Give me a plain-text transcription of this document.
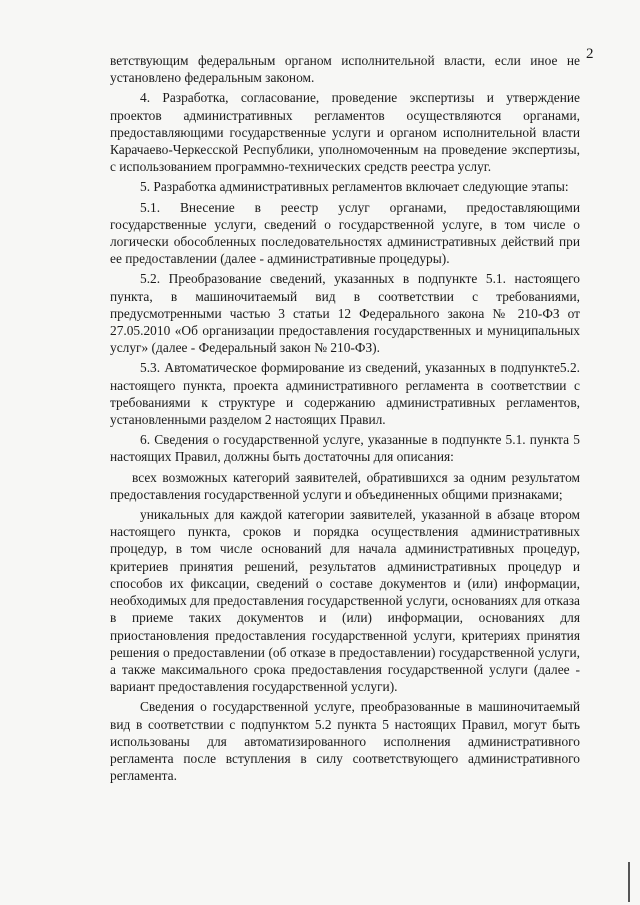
2

ветствующим федеральным органом исполнительной власти, если иное не установлено федеральным законом.

4. Разработка, согласование, проведение экспертизы и утверждение проектов административных регламентов осуществляются органами, предоставляющими государственные услуги и органом исполнительной власти Карачаево-Черкесской Республики, уполномоченным на проведение экспертизы, с использованием программно-технических средств реестра услуг.

5. Разработка административных регламентов включает следующие этапы:

5.1. Внесение в реестр услуг органами, предоставляющими государственные услуги, сведений о государственной услуге, в том числе о логически обособленных последовательностях административных действий при ее предоставлении (далее - административные процедуры).

5.2. Преобразование сведений, указанных в подпункте 5.1. настоящего пункта, в машиночитаемый вид в соответствии с требованиями, предусмотренными частью 3 статьи 12 Федерального закона № 210-ФЗ от 27.05.2010 «Об организации предоставления государственных и муниципальных услуг» (далее - Федеральный закон № 210-ФЗ).

5.3. Автоматическое формирование из сведений, указанных в подпункте5.2. настоящего пункта, проекта административного регламента в соответствии с требованиями к структуре и содержанию административных регламентов, установленными разделом 2 настоящих Правил.

6. Сведения о государственной услуге, указанные в подпункте 5.1. пункта 5 настоящих Правил, должны быть достаточны для описания:

всех возможных категорий заявителей, обратившихся за одним результатом предоставления государственной услуги и объединенных общими признаками;

уникальных для каждой категории заявителей, указанной в абзаце втором настоящего пункта, сроков и порядка осуществления административных процедур, в том числе оснований для начала административных процедур, критериев принятия решений, результатов административных процедур и способов их фиксации, сведений о составе документов и (или) информации, необходимых для предоставления государственной услуги, основаниях для отказа в приеме таких документов и (или) информации, основаниях для приостановления предоставления государственной услуги, критериях принятия решения о предоставлении (об отказе в предоставлении) государственной услуги, а также максимального срока предоставления государственной услуги (далее - вариант предоставления государственной услуги).

Сведения о государственной услуге, преобразованные в машиночитаемый вид в соответствии с подпунктом 5.2 пункта 5 настоящих Правил, могут быть использованы для автоматизированного исполнения административного регламента после вступления в силу соответствующего административного регламента.
